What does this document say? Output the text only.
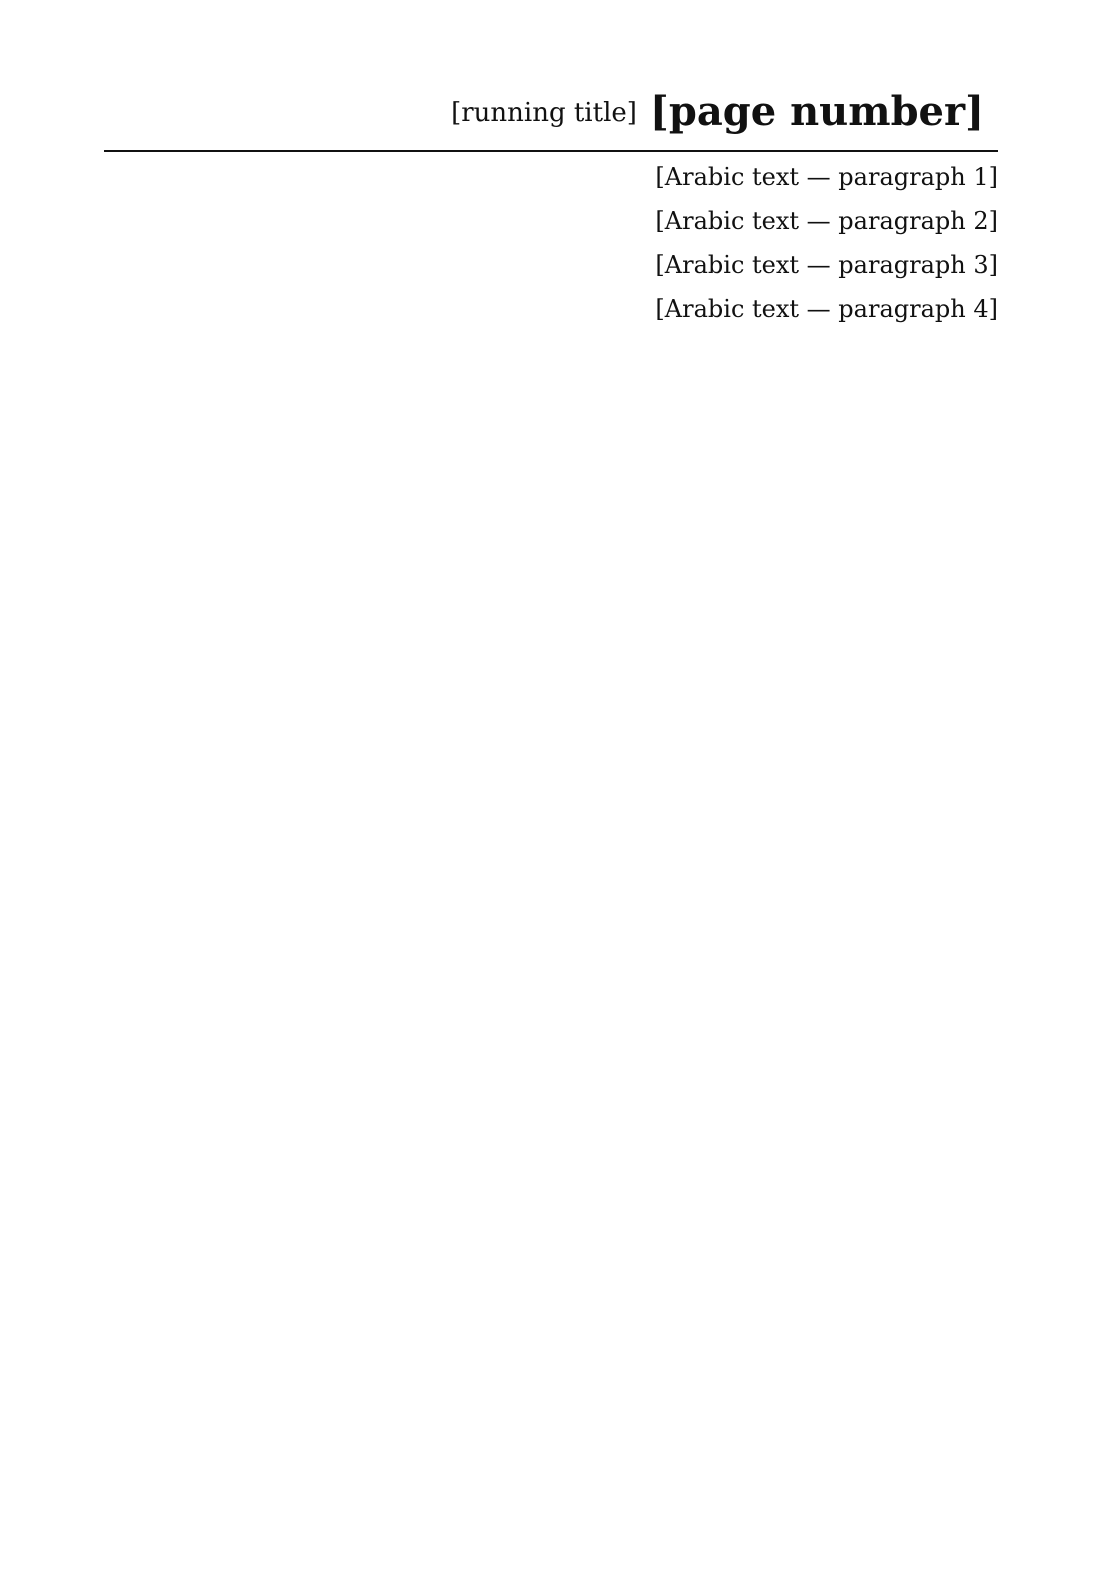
[page number]
[running title]

[Arabic text — paragraph 1]

[Arabic text — paragraph 2]

[Arabic text — paragraph 3]

[Arabic text — paragraph 4]
